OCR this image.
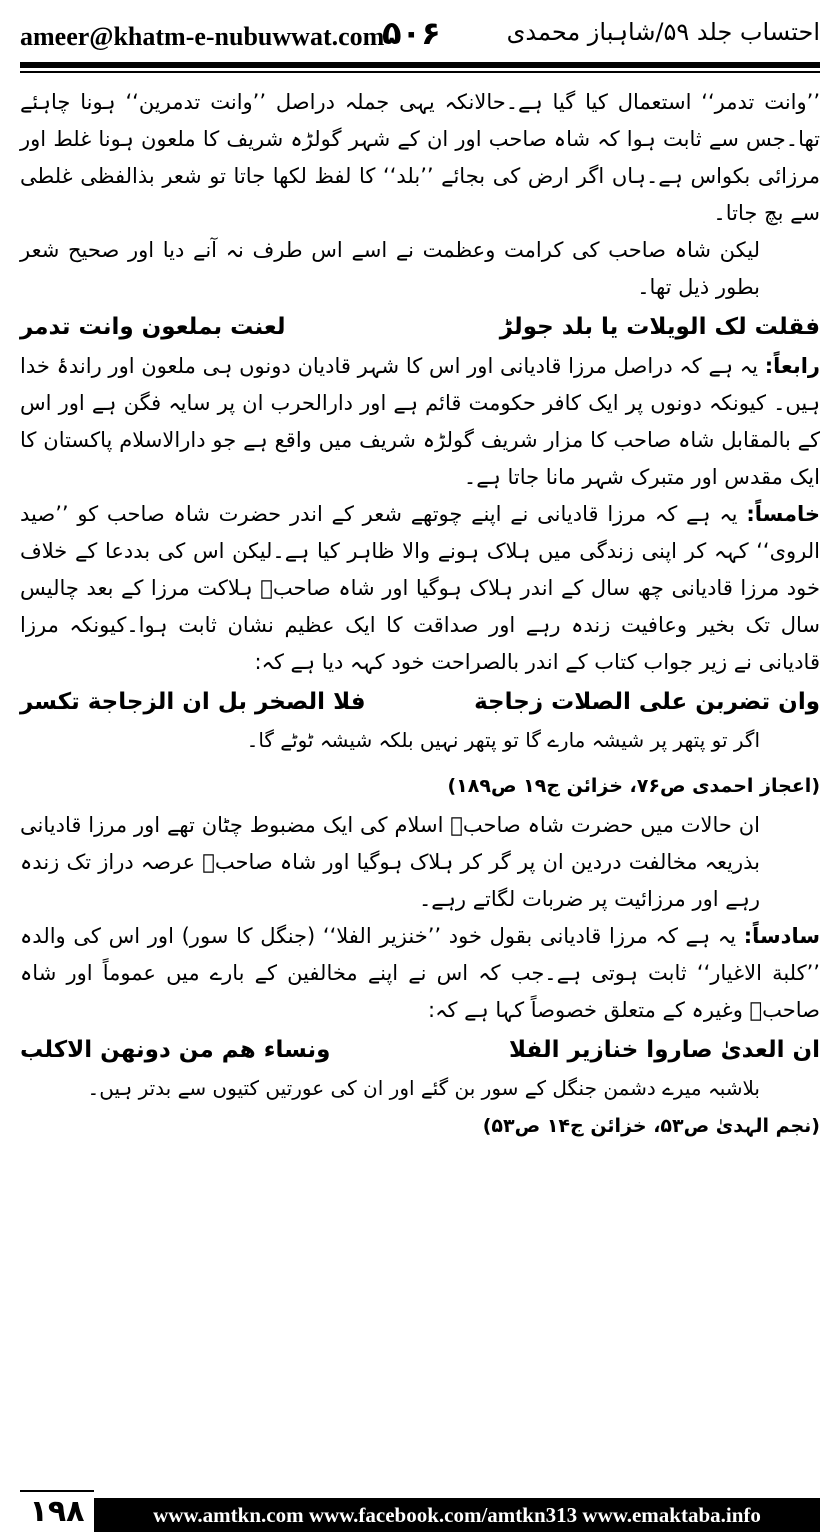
ameer@khatm-e-nubuwwat.com
۵۰۶	احتساب جلد ۵۹/شاہباز محمدی

’’وانت تدمر‘‘ استعمال کیا گیا ہے۔حالانکہ یہی جملہ دراصل ’’وانت تدمرین‘‘ ہونا چاہئے تھا۔جس سے ثابت ہوا کہ شاہ صاحب اور ان کے شہر گولڑہ شریف کا ملعون ہونا غلط اور مرزائی بکواس ہے۔ہاں اگر ارض کی بجائے ’’بلد‘‘ کا لفظ لکھا جاتا تو شعر بذالفظی غلطی سے بچ جاتا۔

لیکن شاہ صاحب کی کرامت وعظمت نے اسے اس طرف نہ آنے دیا اور صحیح شعر بطور ذیل تھا۔

فقلت لک الویلات یا بلد جولڑ
لعنت بملعون وانت تدمر

رابعاً: یہ ہے کہ دراصل مرزا قادیانی اور اس کا شہر قادیان دونوں ہی ملعون اور راندۂ خدا ہیں۔ کیونکہ دونوں پر ایک کافر حکومت قائم ہے اور دارالحرب ان پر سایہ فگن ہے اور اس کے بالمقابل شاہ صاحب کا مزار شریف گولڑہ شریف میں واقع ہے جو دارالاسلام پاکستان کا ایک مقدس اور متبرک شہر مانا جاتا ہے۔

خامساً: یہ ہے کہ مرزا قادیانی نے اپنے چوتھے شعر کے اندر حضرت شاہ صاحب کو ’’صید الروی‘‘ کہہ کر اپنی زندگی میں ہلاک ہونے والا ظاہر کیا ہے۔لیکن اس کی بددعا کے خلاف خود مرزا قادیانی چھ سال کے اندر ہلاک ہوگیا اور شاہ صاحبؒ ہلاکت مرزا کے بعد چالیس سال تک بخیر وعافیت زندہ رہے اور صداقت کا ایک عظیم نشان ثابت ہوا۔کیونکہ مرزا قادیانی نے زیر جواب کتاب کے اندر بالصراحت خود کہہ دیا ہے کہ:

وان تضربن علی الصلات زجاجة
فلا الصخر بل ان الزجاجة تکسر

اگر تو پتھر پر شیشہ مارے گا تو پتھر نہیں بلکہ شیشہ ٹوٹے گا۔

(اعجاز احمدی ص۷۶، خزائن ج۱۹ ص۱۸۹)

ان حالات میں حضرت شاہ صاحبؒ اسلام کی ایک مضبوط چٹان تھے اور مرزا قادیانی بذریعہ مخالفت دردین ان پر گر کر ہلاک ہوگیا اور شاہ صاحبؒ عرصہ دراز تک زندہ رہے اور مرزائیت پر ضربات لگاتے رہے۔

سادساً: یہ ہے کہ مرزا قادیانی بقول خود ’’خنزیر الفلا‘‘ (جنگل کا سور) اور اس کی والدہ ’’کلبة الاغیار‘‘ ثابت ہوتی ہے۔جب کہ اس نے اپنے مخالفین کے بارے میں عموماً اور شاہ صاحبؒ وغیرہ کے متعلق خصوصاً کہا ہے کہ:

ان العدیٰ صاروا خنازیر الفلا
ونساء هم من دونهن الاکلب

بلاشبہ میرے دشمن جنگل کے سور بن گئے اور ان کی عورتیں کتیوں سے بدتر ہیں۔

(نجم الہدیٰ ص۵۳، خزائن ج۱۴ ص۵۳)

۱۹۸	www.amtkn.com www.facebook.com/amtkn313 www.emaktaba.info
